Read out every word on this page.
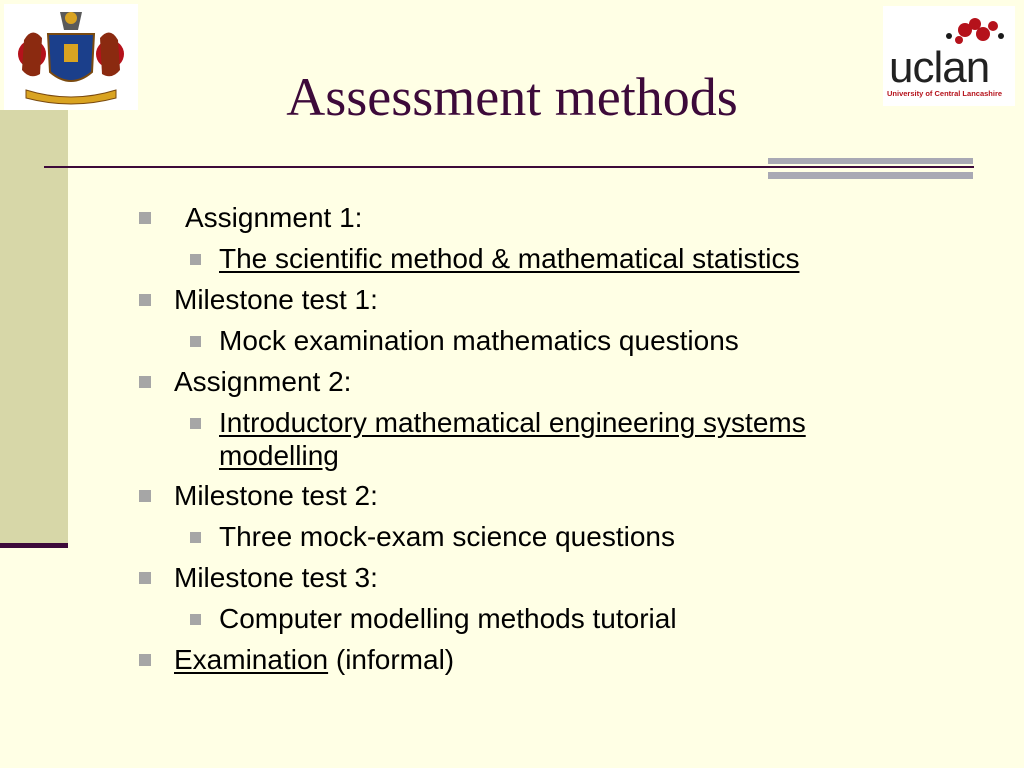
uclan
University of Central Lancashire
Assessment methods
Assignment 1:
The scientific method & mathematical statistics
Milestone test 1:
Mock examination mathematics questions
Assignment 2:
Introductory mathematical engineering systems
modelling
Milestone test 2:
Three mock-exam science questions
Milestone test 3:
Computer modelling methods tutorial
Examination (informal)
